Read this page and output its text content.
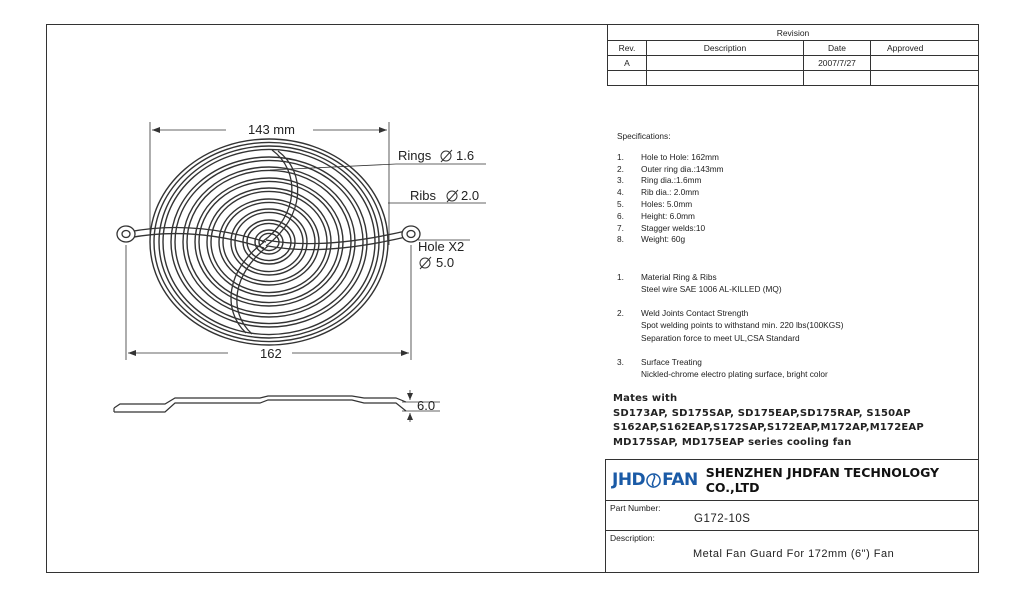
143 mm
Rings 1.6
Ribs 2.0
Hole X2
5.0
162
6.0
Revision			
Rev.	Description	Date	Approved
A		2007/7/27	

Specifications:
1.	Hole to Hole: 162mm
2.	Outer ring dia.:143mm
3.	Ring dia.:1.6mm
4.	Rib dia.: 2.0mm
5.	Holes: 5.0mm
6.	Height: 6.0mm
7.	Stagger welds:10
8.	Weight: 60g
1.	Material Ring & Ribs
Steel wire SAE 1006 AL-KILLED (MQ)
2.	Weld Joints Contact Strength
Spot welding points to withstand min. 220 lbs(100KGS)
Separation force to meet UL,CSA Standard
3.	Surface Treating
Nickled-chrome electro plating surface, bright color
Mates with
SD173AP, SD175SAP, SD175EAP,SD175RAP, S150AP
S162AP,S162EAP,S172SAP,S172EAP,M172AP,M172EAP
MD175SAP, MD175EAP series cooling fan
JHD FAN SHENZHEN JHDFAN TECHNOLOGY CO.,LTD
Part Number:
G172-10S
Description:
Metal Fan Guard For 172mm (6") Fan
